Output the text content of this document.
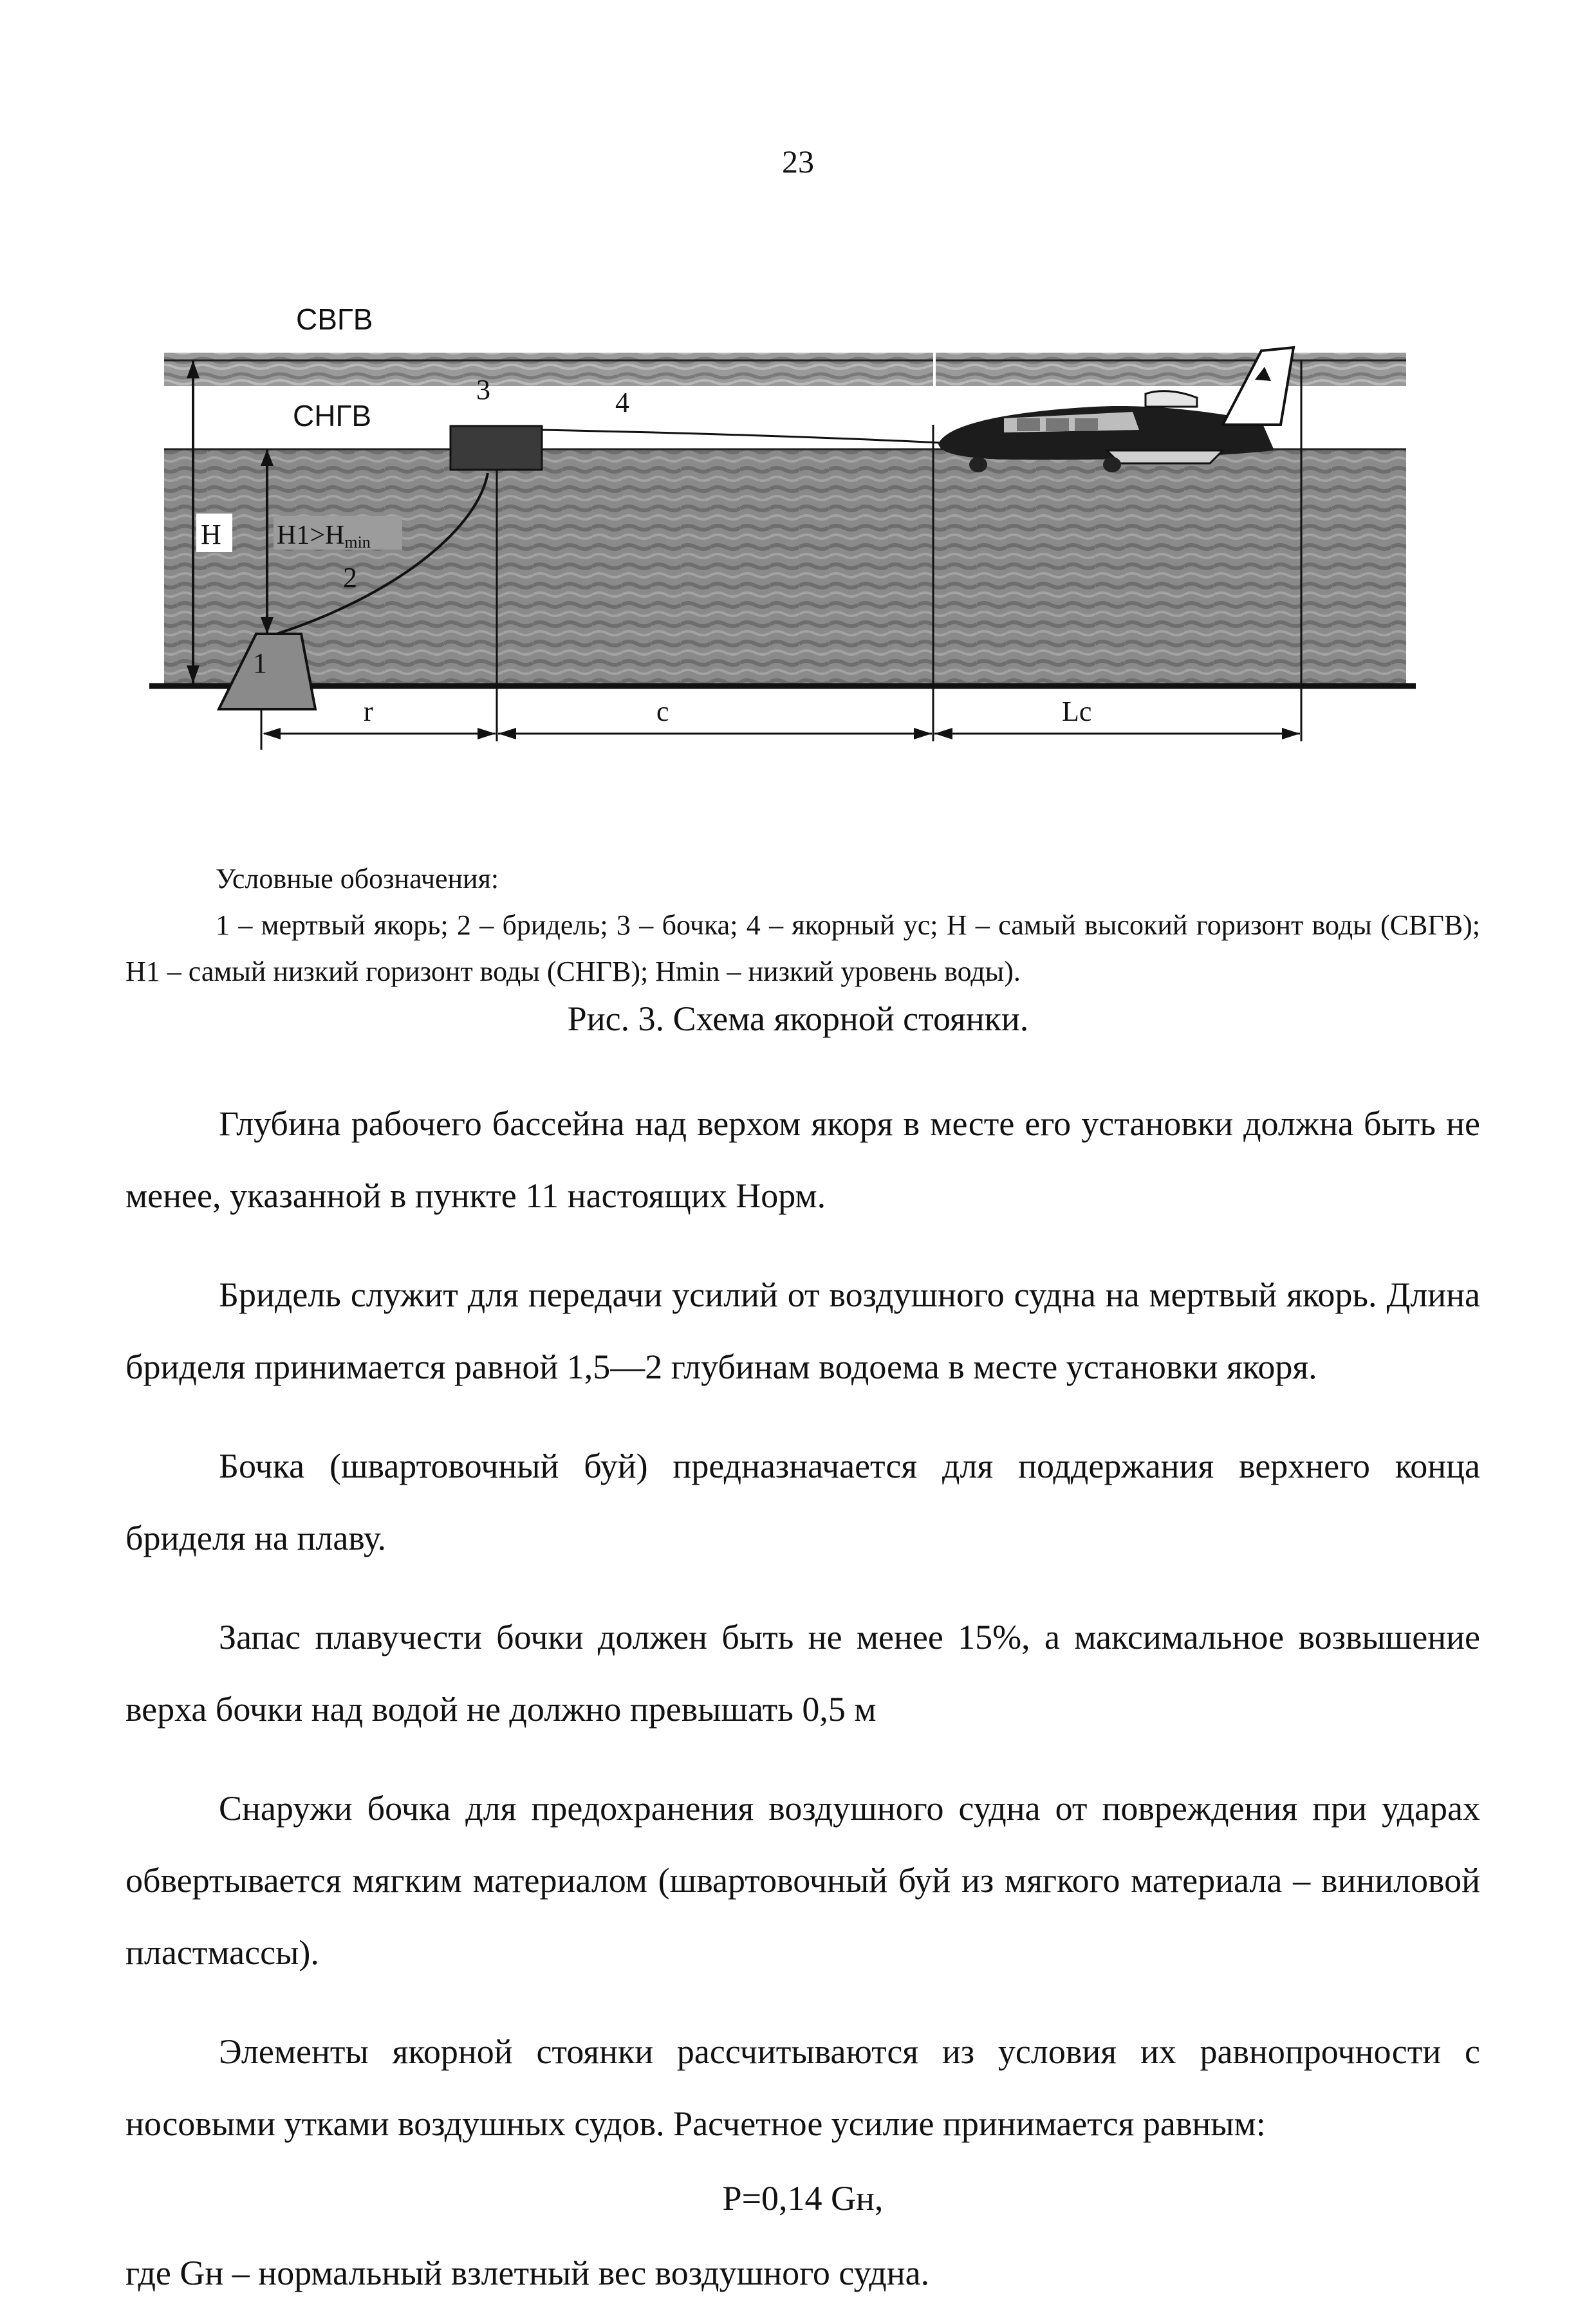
23
Н Н1>Нmin
1
2
3	4
r	c	Lc
СВГВ
СНГВ
Условные обозначения:

1 – мертвый якорь; 2 – бридель; 3 – бочка; 4 – якорный ус; Н – самый высокий горизонт воды (СВГВ); Н1 – самый низкий горизонт воды (СНГВ); Hmin – низкий уровень воды).

Рис. 3. Схема якорной стоянки.

Глубина рабочего бассейна над верхом якоря в месте его установки должна быть не менее, указанной в пункте 11 настоящих Норм.

Бридель служит для передачи усилий от воздушного судна на мертвый якорь. Длина бриделя принимается равной 1,5—2 глубинам водоема в месте установки якоря.

Бочка (швартовочный буй) предназначается для поддержания верхнего конца бриделя на плаву.

Запас плавучести бочки должен быть не менее 15%, а максимальное возвышение верха бочки над водой не должно превышать 0,5 м

Снаружи бочка для предохранения воздушного судна от повреждения при ударах обвертывается мягким материалом (швартовочный буй из мягкого материала – виниловой пластмассы).

Элементы якорной стоянки рассчитываются из условия их равнопрочности с носовыми утками воздушных судов. Расчетное усилие принимается равным:

Р=0,14 Gн,

где Gн – нормальный взлетный вес воздушного судна.
